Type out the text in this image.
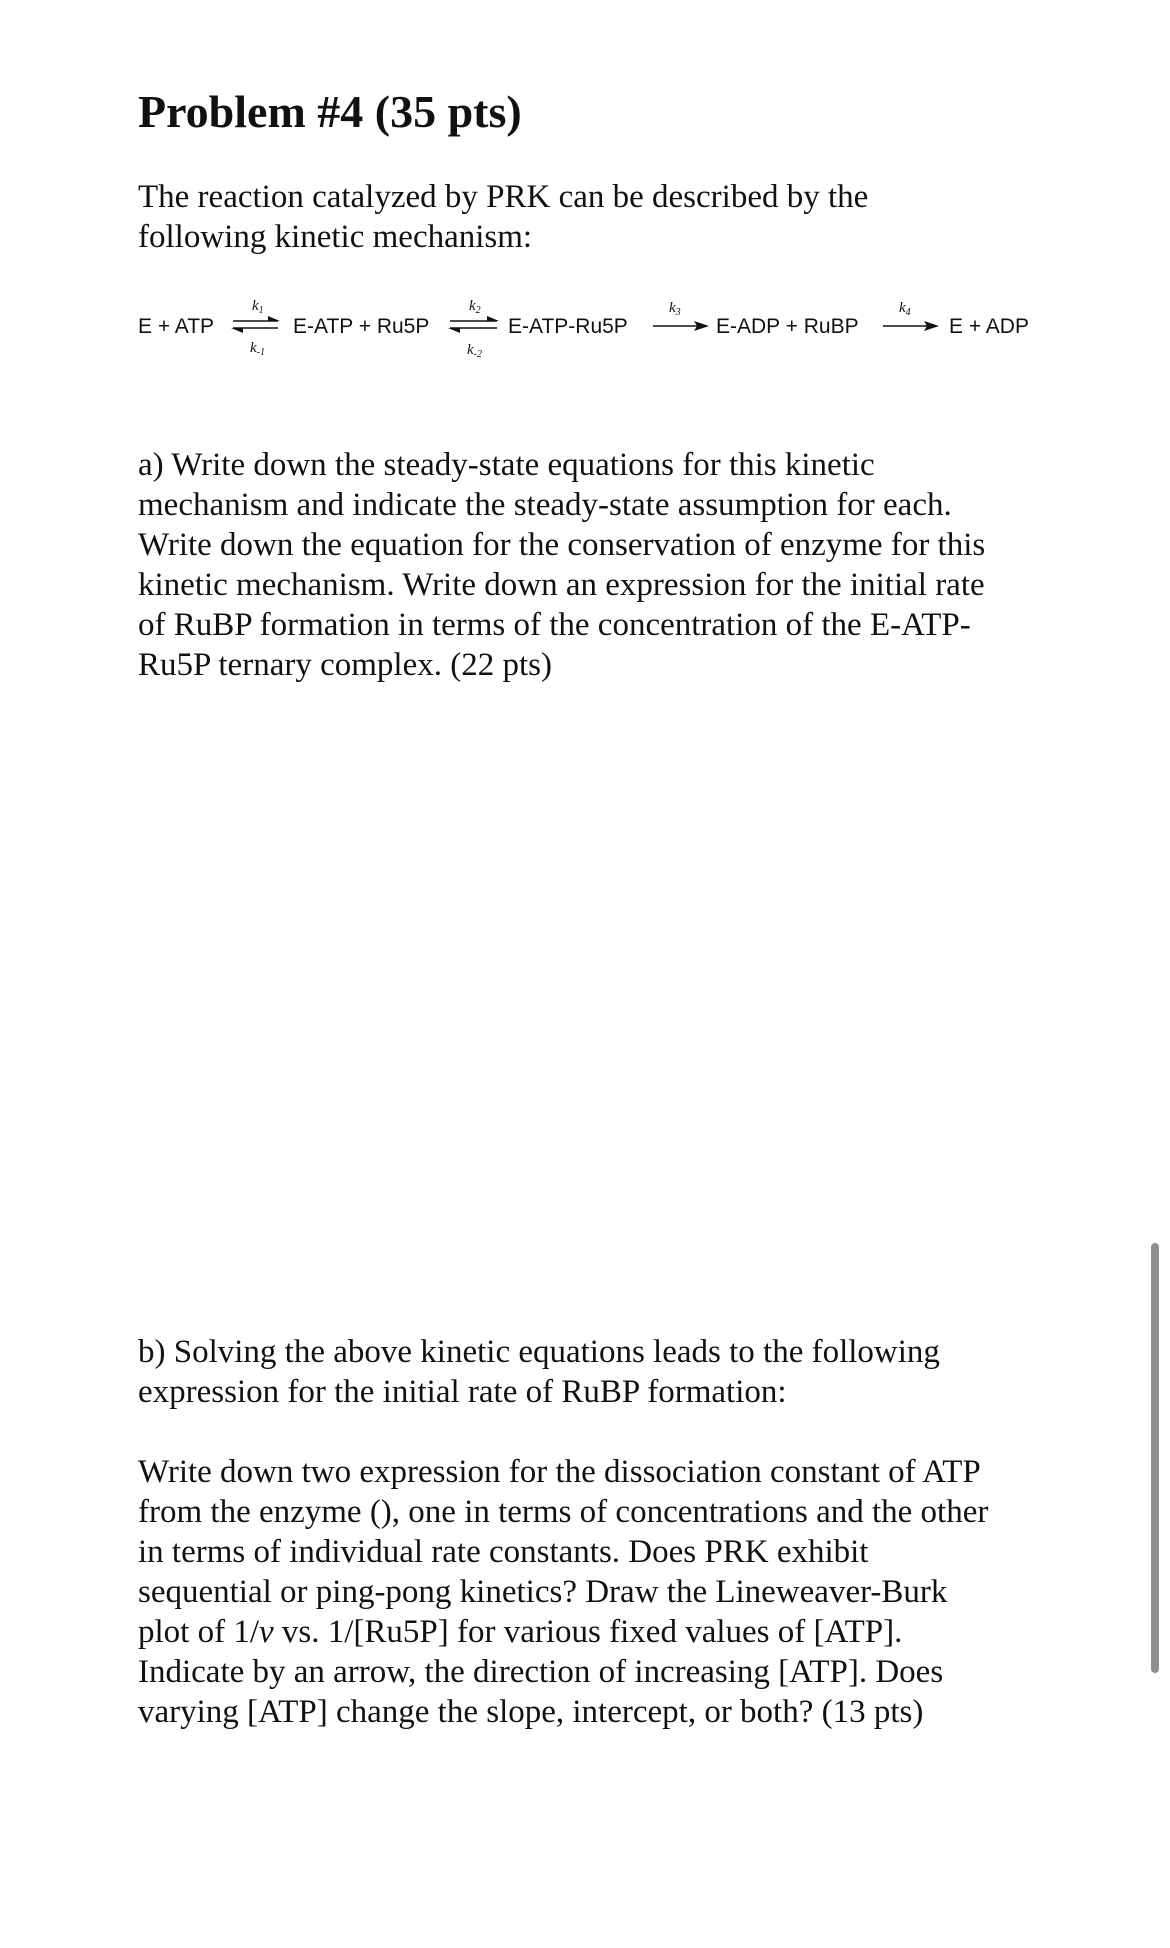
Problem #4 (35 pts)

The reaction catalyzed by PRK can be described by the
following kinetic mechanism:

E + ATP	E-ATP + Ru5P	E-ATP-Ru5P	E-ADP + RuBP	E + ADP
$k_1$
$k_{-1}$
$k_2$
$k_{-2}$
$k_3$	$k_4$

a) Write down the steady-state equations for this kinetic
mechanism and indicate the steady-state assumption for each.
Write down the equation for the conservation of enzyme for this
kinetic mechanism. Write down an expression for the initial rate
of RuBP formation in terms of the concentration of the E-ATP-
Ru5P ternary complex. (22 pts)

b) Solving the above kinetic equations leads to the following
expression for the initial rate of RuBP formation:

Write down two expression for the dissociation constant of ATP
from the enzyme (), one in terms of concentrations and the other
in terms of individual rate constants. Does PRK exhibit
sequential or ping-pong kinetics? Draw the Lineweaver-Burk
plot of 1/v vs. 1/[Ru5P] for various fixed values of [ATP].
Indicate by an arrow, the direction of increasing [ATP]. Does
varying [ATP] change the slope, intercept, or both? (13 pts)
